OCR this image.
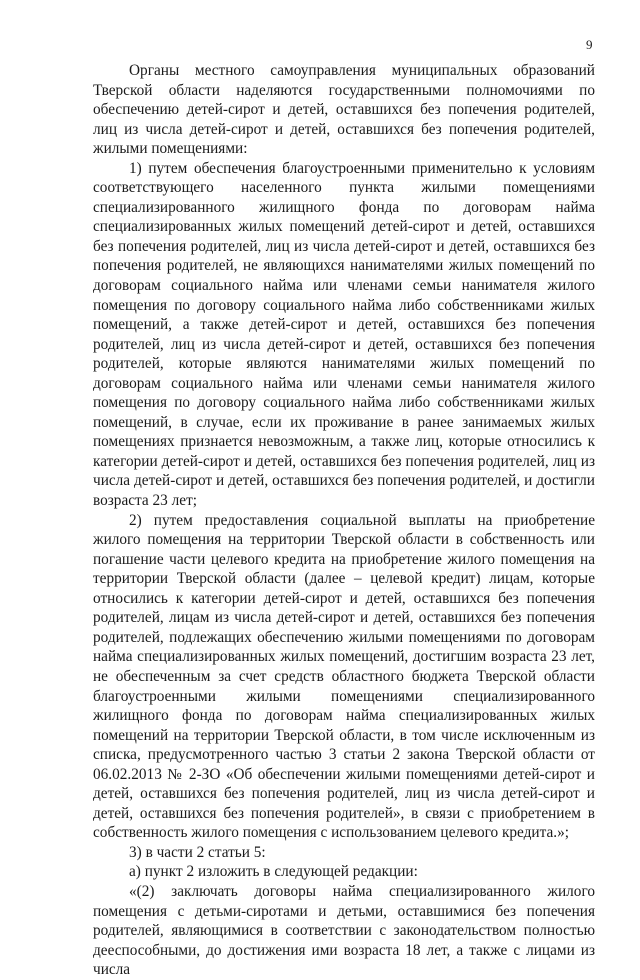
9

Органы местного самоуправления муниципальных образований Тверской области наделяются государственными полномочиями по обеспечению детей-сирот и детей, оставшихся без попечения родителей, лиц из числа детей-сирот и детей, оставшихся без попечения родителей, жилыми помещениями:

1) путем обеспечения благоустроенными применительно к условиям соответствующего населенного пункта жилыми помещениями специализированного жилищного фонда по договорам найма специализированных жилых помещений детей-сирот и детей, оставшихся без попечения родителей, лиц из числа детей-сирот и детей, оставшихся без попечения родителей, не являющихся нанимателями жилых помещений по договорам социального найма или членами семьи нанимателя жилого помещения по договору социального найма либо собственниками жилых помещений, а также детей-сирот и детей, оставшихся без попечения родителей, лиц из числа детей-сирот и детей, оставшихся без попечения родителей, которые являются нанимателями жилых помещений по договорам социального найма или членами семьи нанимателя жилого помещения по договору социального найма либо собственниками жилых помещений, в случае, если их проживание в ранее занимаемых жилых помещениях признается невозможным, а также лиц, которые относились к категории детей-сирот и детей, оставшихся без попечения родителей, лиц из числа детей-сирот и детей, оставшихся без попечения родителей, и достигли возраста 23 лет;

2) путем предоставления социальной выплаты на приобретение жилого помещения на территории Тверской области в собственность или погашение части целевого кредита на приобретение жилого помещения на территории Тверской области (далее – целевой кредит) лицам, которые относились к категории детей-сирот и детей, оставшихся без попечения родителей, лицам из числа детей-сирот и детей, оставшихся без попечения родителей, подлежащих обеспечению жилыми помещениями по договорам найма специализированных жилых помещений, достигшим возраста 23 лет, не обеспеченным за счет средств областного бюджета Тверской области благоустроенными жилыми помещениями специализированного жилищного фонда по договорам найма специализированных жилых помещений на территории Тверской области, в том числе исключенным из списка, предусмотренного частью 3 статьи 2 закона Тверской области от 06.02.2013 № 2-ЗО «Об обеспечении жилыми помещениями детей-сирот и детей, оставшихся без попечения родителей, лиц из числа детей-сирот и детей, оставшихся без попечения родителей», в связи с приобретением в собственность жилого помещения с использованием целевого кредита.»;

3) в части 2 статьи 5:

а) пункт 2 изложить в следующей редакции:

«(2) заключать договоры найма специализированного жилого помещения с детьми-сиротами и детьми, оставшимися без попечения родителей, являющимися в соответствии с законодательством полностью дееспособными, до достижения ими возраста 18 лет, а также с лицами из числа
